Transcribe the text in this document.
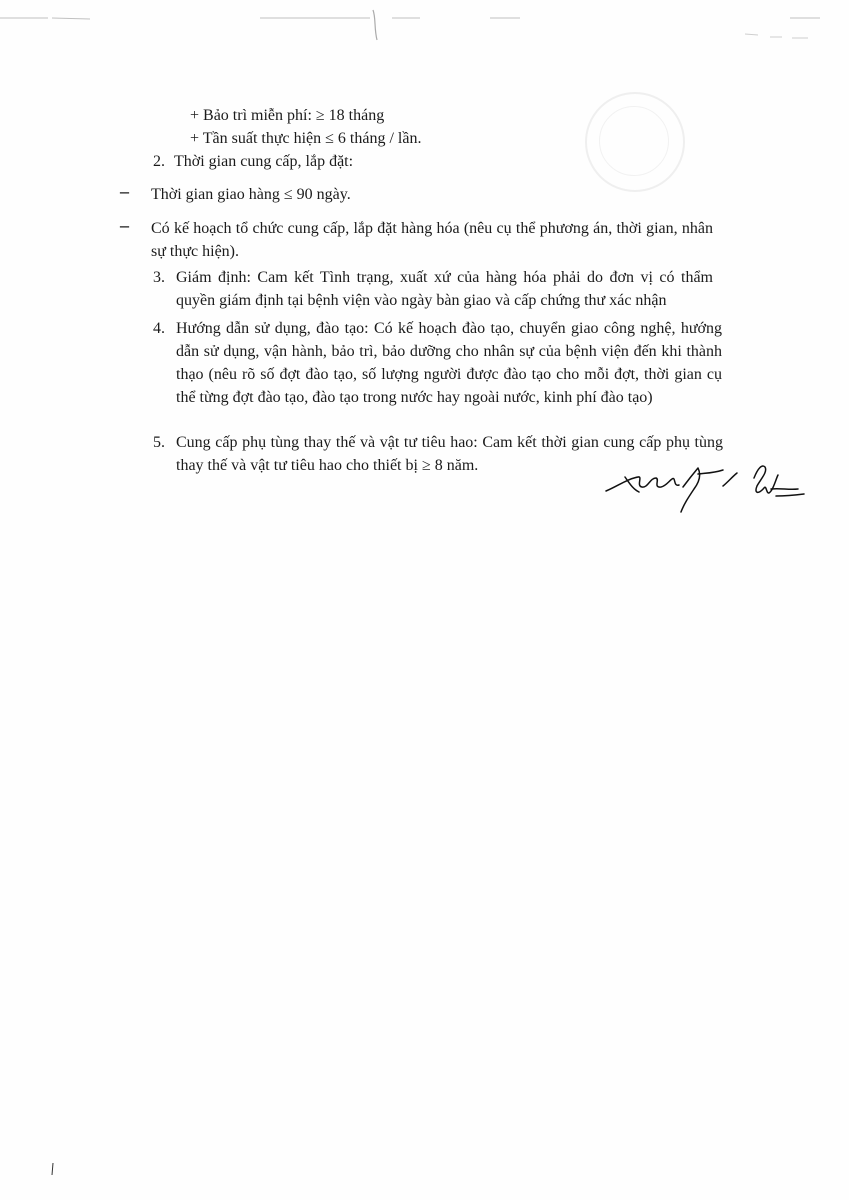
+ Bảo trì miễn phí: ≥ 18 tháng
+ Tần suất thực hiện ≤ 6 tháng / lần.
2. Thời gian cung cấp, lắp đặt:
– Thời gian giao hàng ≤ 90 ngày.
– Có kế hoạch tổ chức cung cấp, lắp đặt hàng hóa (nêu cụ thể phương án, thời gian, nhân sự thực hiện).
3. Giám định: Cam kết Tình trạng, xuất xứ của hàng hóa phải do đơn vị có thẩm quyền giám định tại bệnh viện vào ngày bàn giao và cấp chứng thư xác nhận
4. Hướng dẫn sử dụng, đào tạo: Có kế hoạch đào tạo, chuyển giao công nghệ, hướng dẫn sử dụng, vận hành, bảo trì, bảo dưỡng cho nhân sự của bệnh viện đến khi thành thạo (nêu rõ số đợt đào tạo, số lượng người được đào tạo cho mỗi đợt, thời gian cụ thể từng đợt đào tạo, đào tạo trong nước hay ngoài nước, kinh phí đào tạo)
5. Cung cấp phụ tùng thay thế và vật tư tiêu hao: Cam kết thời gian cung cấp phụ tùng thay thế và vật tư tiêu hao cho thiết bị ≥ 8 năm.
